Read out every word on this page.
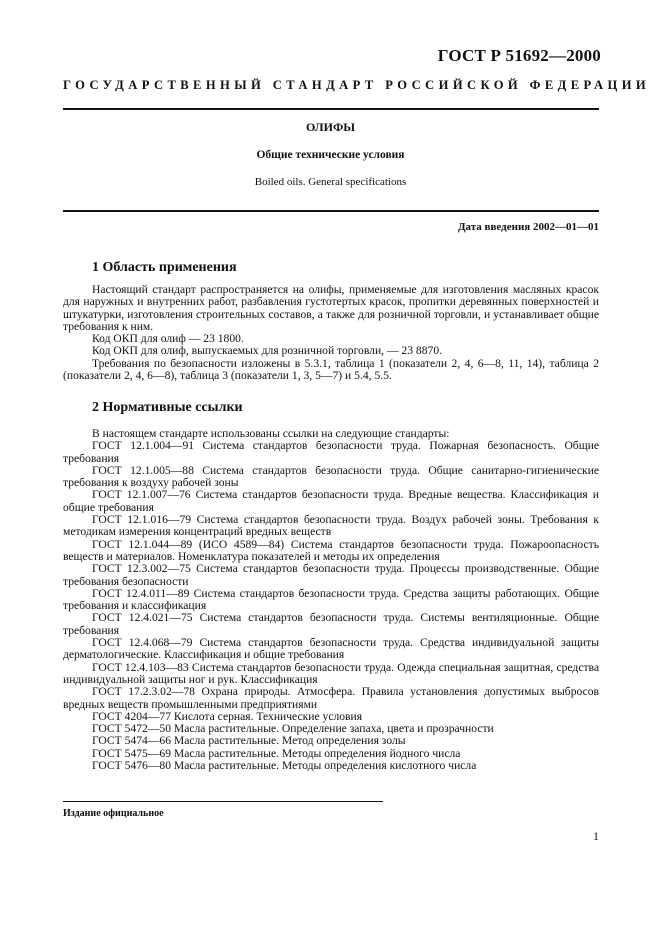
ГОСТ Р 51692—2000
ГОСУДАРСТВЕННЫЙ СТАНДАРТ РОССИЙСКОЙ ФЕДЕРАЦИИ
ОЛИФЫ
Общие технические условия
Boiled oils. General specifications
Дата введения 2002—01—01
1 Область применения

Настоящий стандарт распространяется на олифы, применяемые для изготовления масляных красок для наружных и внутренних работ, разбавления густотертых красок, пропитки деревянных поверхностей и штукатурки, изготовления строительных составов, а также для розничной торговли, и устанавливает общие требования к ним.

Код ОКП для олиф — 23 1800.

Код ОКП для олиф, выпускаемых для розничной торговли, — 23 8870.

Требования по безопасности изложены в 5.3.1, таблица 1 (показатели 2, 4, 6—8, 11, 14), таблица 2 (показатели 2, 4, 6—8), таблица 3 (показатели 1, 3, 5—7) и 5.4, 5.5.

2 Нормативные ссылки

В настоящем стандарте использованы ссылки на следующие стандарты:

ГОСТ 12.1.004—91 Система стандартов безопасности труда. Пожарная безопасность. Общие требования

ГОСТ 12.1.005—88 Система стандартов безопасности труда. Общие санитарно-гигиенические требования к воздуху рабочей зоны

ГОСТ 12.1.007—76 Система стандартов безопасности труда. Вредные вещества. Классификация и общие требования

ГОСТ 12.1.016—79 Система стандартов безопасности труда. Воздух рабочей зоны. Требования к методикам измерения концентраций вредных веществ

ГОСТ 12.1.044—89 (ИСО 4589—84) Система стандартов безопасности труда. Пожароопасность веществ и материалов. Номенклатура показателей и методы их определения

ГОСТ 12.3.002—75 Система стандартов безопасности труда. Процессы производственные. Общие требования безопасности

ГОСТ 12.4.011—89 Система стандартов безопасности труда. Средства защиты работающих. Общие требования и классификация

ГОСТ 12.4.021—75 Система стандартов безопасности труда. Системы вентиляционные. Общие требования

ГОСТ 12.4.068—79 Система стандартов безопасности труда. Средства индивидуальной защиты дерматологические. Классификация и общие требования

ГОСТ 12.4.103—83 Система стандартов безопасности труда. Одежда специальная защитная, средства индивидуальной защиты ног и рук. Классификация

ГОСТ 17.2.3.02—78 Охрана природы. Атмосфера. Правила установления допустимых выбросов вредных веществ промышленными предприятиями

ГОСТ 4204—77 Кислота серная. Технические условия

ГОСТ 5472—50 Масла растительные. Определение запаха, цвета и прозрачности

ГОСТ 5474—66 Масла растительные. Метод определения золы

ГОСТ 5475—69 Масла растительные. Методы определения йодного числа

ГОСТ 5476—80 Масла растительные. Методы определения кислотного числа

Издание официальное
1
